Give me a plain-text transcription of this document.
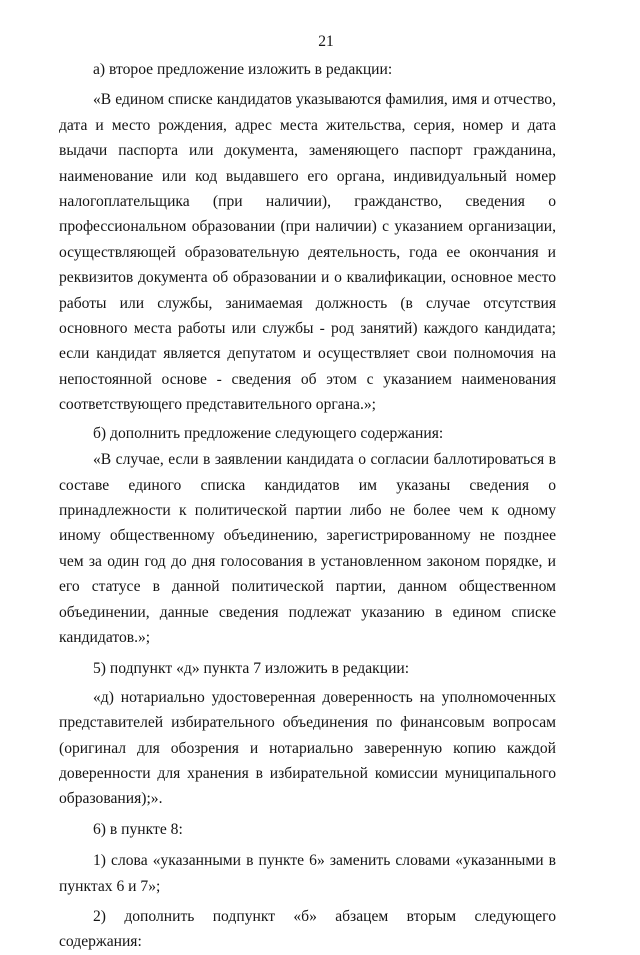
21

а) второе предложение изложить в редакции:

«В едином списке кандидатов указываются фамилия, имя и отчество, дата и место рождения, адрес места жительства, серия, номер и дата выдачи паспорта или документа, заменяющего паспорт гражданина, наименование или код выдавшего его органа, индивидуальный номер налогоплательщика (при наличии), гражданство, сведения о профессиональном образовании (при наличии) с указанием организации, осуществляющей образовательную деятельность, года ее окончания и реквизитов документа об образовании и о квалификации, основное место работы или службы, занимаемая должность (в случае отсутствия основного места работы или службы - род занятий) каждого кандидата; если кандидат является депутатом и осуществляет свои полномочия на непостоянной основе - сведения об этом с указанием наименования соответствующего представительного органа.»;

б) дополнить предложение следующего содержания:

«В случае, если в заявлении кандидата о согласии баллотироваться в составе единого списка кандидатов им указаны сведения о принадлежности к политической партии либо не более чем к одному иному общественному объединению, зарегистрированному не позднее чем за один год до дня голосования в установленном законом порядке, и его статусе в данной политической партии, данном общественном объединении, данные сведения подлежат указанию в едином списке кандидатов.»;

5) подпункт «д» пункта 7 изложить в редакции:

«д) нотариально удостоверенная доверенность на уполномоченных представителей избирательного объединения по финансовым вопросам (оригинал для обозрения и нотариально заверенную копию каждой доверенности для хранения в избирательной комиссии муниципального образования);».

6) в пункте 8:

1) слова «указанными в пункте 6» заменить словами «указанными в пунктах 6 и 7»;

2) дополнить подпункт «б» абзацем вторым следующего содержания:
